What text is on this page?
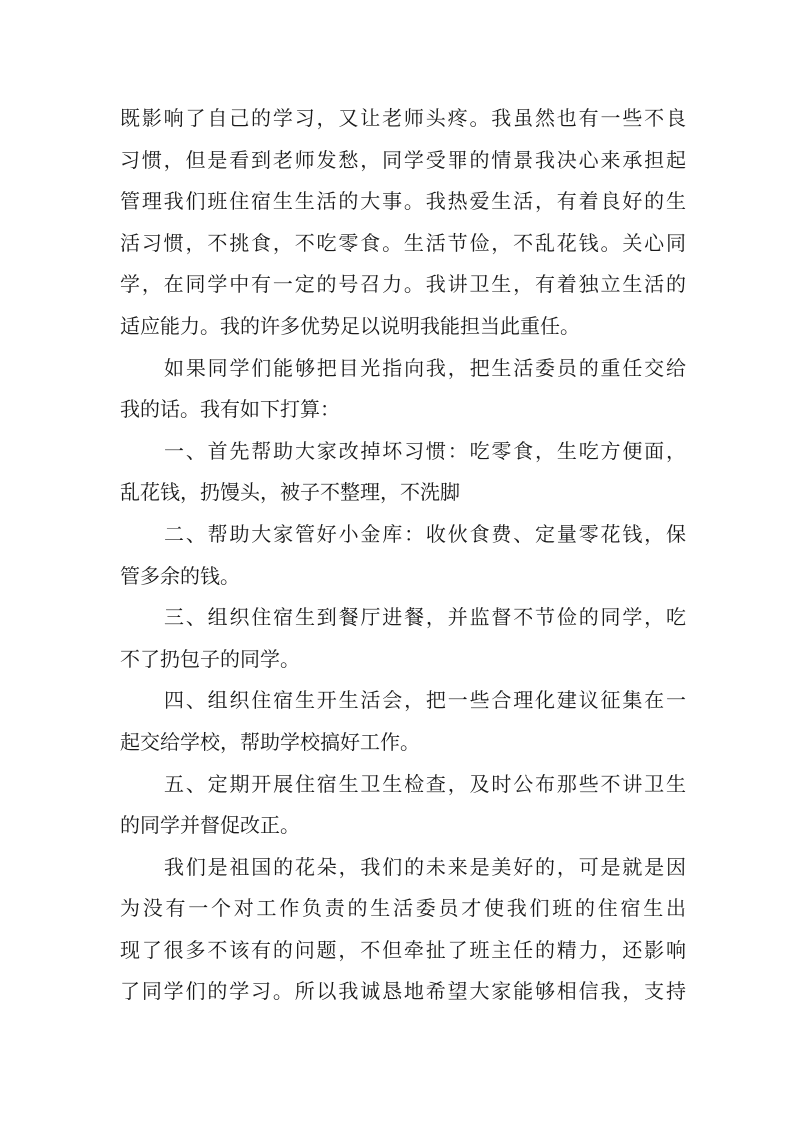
既影响了自己的学习，又让老师头疼。我虽然也有一些不良
习惯，但是看到老师发愁，同学受罪的情景我决心来承担起
管理我们班住宿生生活的大事。我热爱生活，有着良好的生
活习惯，不挑食，不吃零食。生活节俭，不乱花钱。关心同
学，在同学中有一定的号召力。我讲卫生，有着独立生活的
适应能力。我的许多优势足以说明我能担当此重任。
如果同学们能够把目光指向我，把生活委员的重任交给
我的话。我有如下打算：
一、首先帮助大家改掉坏习惯：吃零食，生吃方便面，
乱花钱，扔馒头，被子不整理，不洗脚
二、帮助大家管好小金库：收伙食费、定量零花钱，保
管多余的钱。
三、组织住宿生到餐厅进餐，并监督不节俭的同学，吃
不了扔包子的同学。
四、组织住宿生开生活会，把一些合理化建议征集在一
起交给学校，帮助学校搞好工作。
五、定期开展住宿生卫生检查，及时公布那些不讲卫生
的同学并督促改正。
我们是祖国的花朵，我们的未来是美好的，可是就是因
为没有一个对工作负责的生活委员才使我们班的住宿生出
现了很多不该有的问题，不但牵扯了班主任的精力，还影响
了同学们的学习。所以我诚恳地希望大家能够相信我，支持
